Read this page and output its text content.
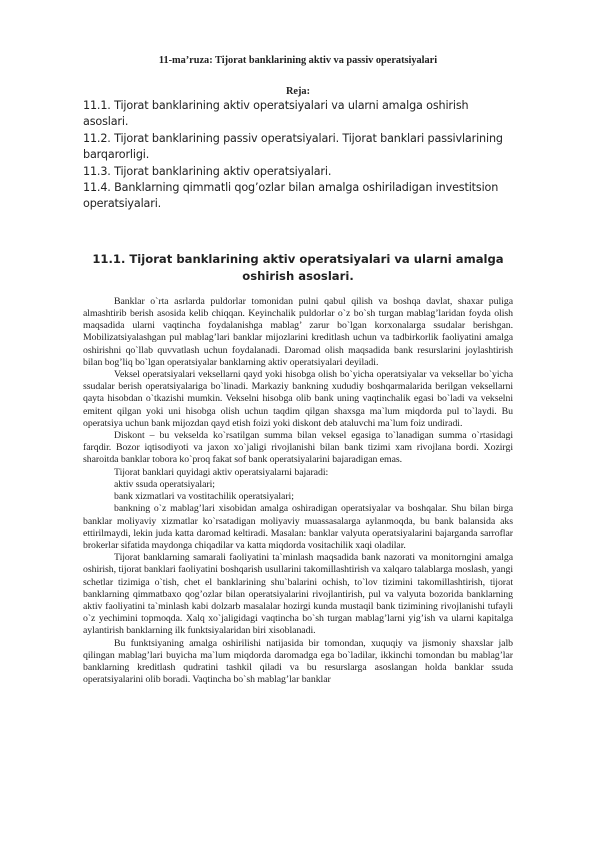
11-ma’ruza: Tijorat banklarining aktiv va passiv operatsiyalari
Reja:
11.1. Tijorat banklarining aktiv operatsiyalari va ularni amalga oshirish asoslari.
11.2. Tijorat banklarining passiv operatsiyalari. Tijorat banklari passivlarining barqarorligi.
11.3. Tijorat banklarining aktiv operatsiyalari.
11.4. Banklarning qimmatli qog’ozlar bilan amalga oshiriladigan investitsion operatsiyalari.
11.1. Tijorat banklarining aktiv operatsiyalari va ularni amalga oshirish asoslari.

Banklar o`rta asrlarda puldorlar tomonidan pulni qabul qilish va boshqa davlat, shaxar puliga almashtirib berish asosida kelib chiqqan. Keyinchalik puldorlar o`z bo`sh turgan mablag’laridan foyda olish maqsadida ularni vaqtincha foydalanishga mablag’ zarur bo`lgan korxonalarga ssudalar berishgan. Mobilizatsiyalashgan pul mablag’lari banklar mijozlarini kreditlash uchun va tadbirkorlik faoliyatini amalga oshirishni qo`llab quvvatlash uchun foydalanadi. Daromad olish maqsadida bank resurslarini joylashtirish bilan bog’liq bo`lgan operatsiyalar banklarning aktiv operatsiyalari deyiladi.

Veksel operatsiyalari veksellarni qayd yoki hisobga olish bo`yicha operatsiyalar va veksellar bo`yicha ssudalar berish operatsiyalariga bo`linadi. Markaziy bankning xududiy boshqarmalarida berilgan veksellarni qayta hisobdan o`tkazishi mumkin. Vekselni hisobga olib bank uning vaqtinchalik egasi bo`ladi va vekselni emitent qilgan yoki uni hisobga olish uchun taqdim qilgan shaxsga ma`lum miqdorda pul to`laydi. Bu operatsiya uchun bank mijozdan qayd etish foizi yoki diskont deb ataluvchi ma`lum foiz undiradi.

Diskont – bu vekselda ko`rsatilgan summa bilan veksel egasiga to`lanadigan summa o`rtasidagi farqdir. Bozor iqtisodiyoti va jaxon xo`jaligi rivojlanishi bilan bank tizimi xam rivojlana bordi. Xozirgi sharoitda banklar tobora ko`proq fakat sof bank operatsiyalarini bajaradigan emas.

Tijorat banklari quyidagi aktiv operatsiyalarni bajaradi:

aktiv ssuda operatsiyalari;

bank xizmatlari va vostitachilik operatsiyalari;

bankning o`z mablag’lari xisobidan amalga oshiradigan operatsiyalar va boshqalar. Shu bilan birga banklar moliyaviy xizmatlar ko`rsatadigan moliyaviy muassasalarga aylanmoqda, bu bank balansida aks ettirilmaydi, lekin juda katta daromad keltiradi. Masalan: banklar valyuta operatsiyalarini bajarganda sarroflar brokerlar sifatida maydonga chiqadilar va katta miqdorda vositachilik xaqi oladilar.

Tijorat banklarning samarali faoliyatini ta`minlash maqsadida bank nazorati va monitorngini amalga oshirish, tijorat banklari faoliyatini boshqarish usullarini takomillashtirish va xalqaro talablarga moslash, yangi schetlar tizimiga o`tish, chet el banklarining shu`balarini ochish, to`lov tizimini takomillashtirish, tijorat banklarning qimmatbaxo qog’ozlar bilan operatsiyalarini rivojlantirish, pul va valyuta bozorida banklarning aktiv faoliyatini ta`minlash kabi dolzarb masalalar hozirgi kunda mustaqil bank tizimining rivojlanishi tufayli o`z yechimini topmoqda. Xalq xo`jaligidagi vaqtincha bo`sh turgan mablag’larni yig’ish va ularni kapitalga aylantirish banklarning ilk funktsiyalaridan biri xisoblanadi.

Bu funktsiyaning amalga oshirilishi natijasida bir tomondan, xuquqiy va jismoniy shaxslar jalb qilingan mablag’lari buyicha ma`lum miqdorda daromadga ega bo`ladilar, ikkinchi tomondan bu mablag’lar banklarning kreditlash qudratini tashkil qiladi va bu resurslarga asoslangan holda banklar ssuda operatsiyalarini olib boradi. Vaqtincha bo`sh mablag’lar banklar
